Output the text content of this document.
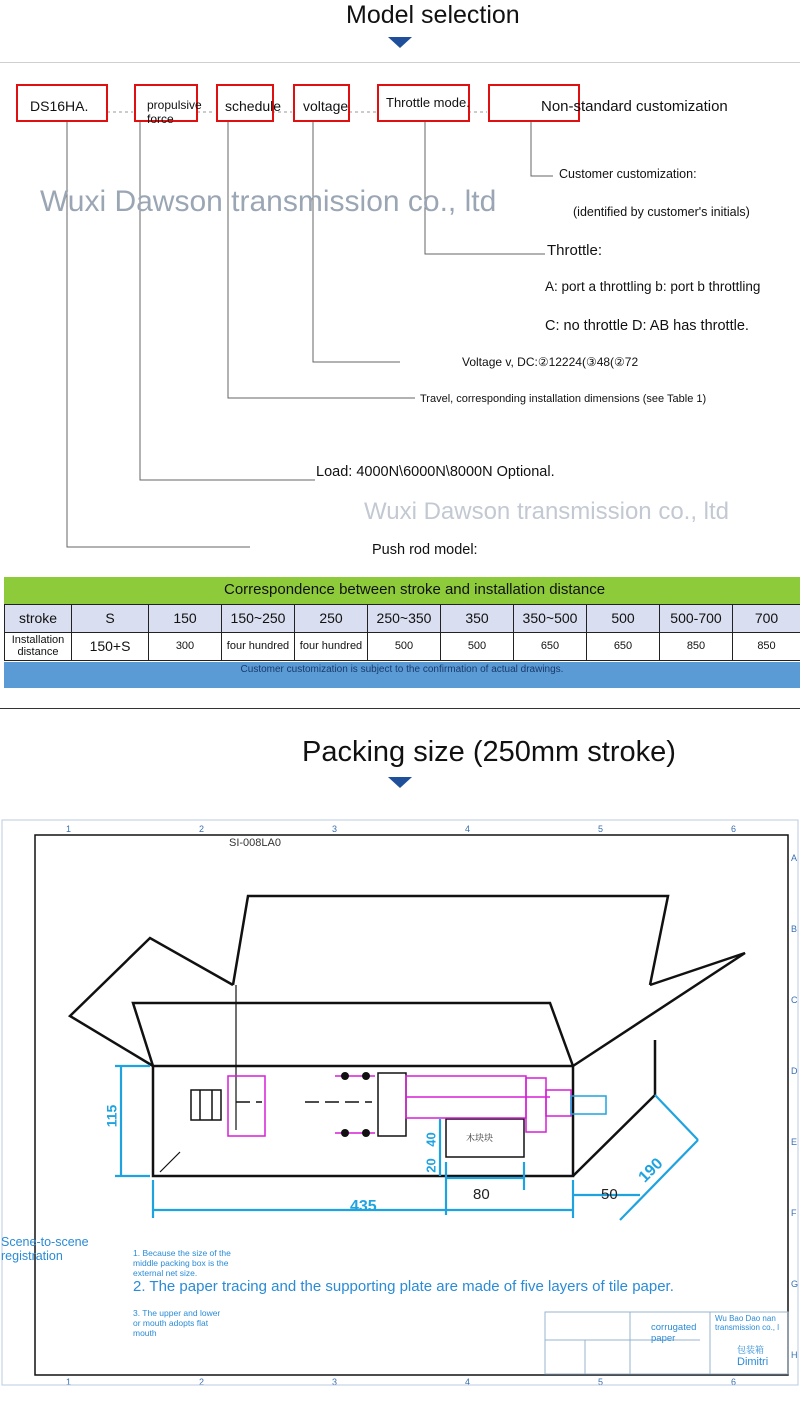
Model selection
DS16HA.	propulsive force
schedule voltage	Throttle mode.	Non-standard customization
Wuxi Dawson transmission co., ltd
Customer customization:
(identified by customer's initials)
Throttle:
A: port a throttling b: port b throttling
C: no throttle D: AB has throttle.
Voltage v, DC:②12224(③48(②72
Travel, corresponding installation dimensions (see Table 1)
Load: 4000N\6000N\8000N Optional.
Wuxi Dawson transmission co., ltd
Push rod model:
Correspondence between stroke and installation distance
stroke	S	150	150~250	250	250~350	350	350~500	500	500-700	700
Installation distance	150+S	300	four hundred	four hundred	500	500	650	650	850	850
Customer customization is subject to the confirmation of actual drawings.
Packing size (250mm stroke)
1	2	3	4	5	6
1	2	3	4	5	6
A
B
C
D
E
F
G
H
SI-008LA0
115
40
20
435
80	50
190
木块块
Scene-to-scene registration	1. Because the size of the middle packing box is the external net size.
2. The paper tracing and the supporting plate are made of five layers of tile paper.
3. The upper and lower or mouth adopts flat mouth	corrugated paper
Wu Bao Dao nan transmission co., l
包装箱
Dimitri
